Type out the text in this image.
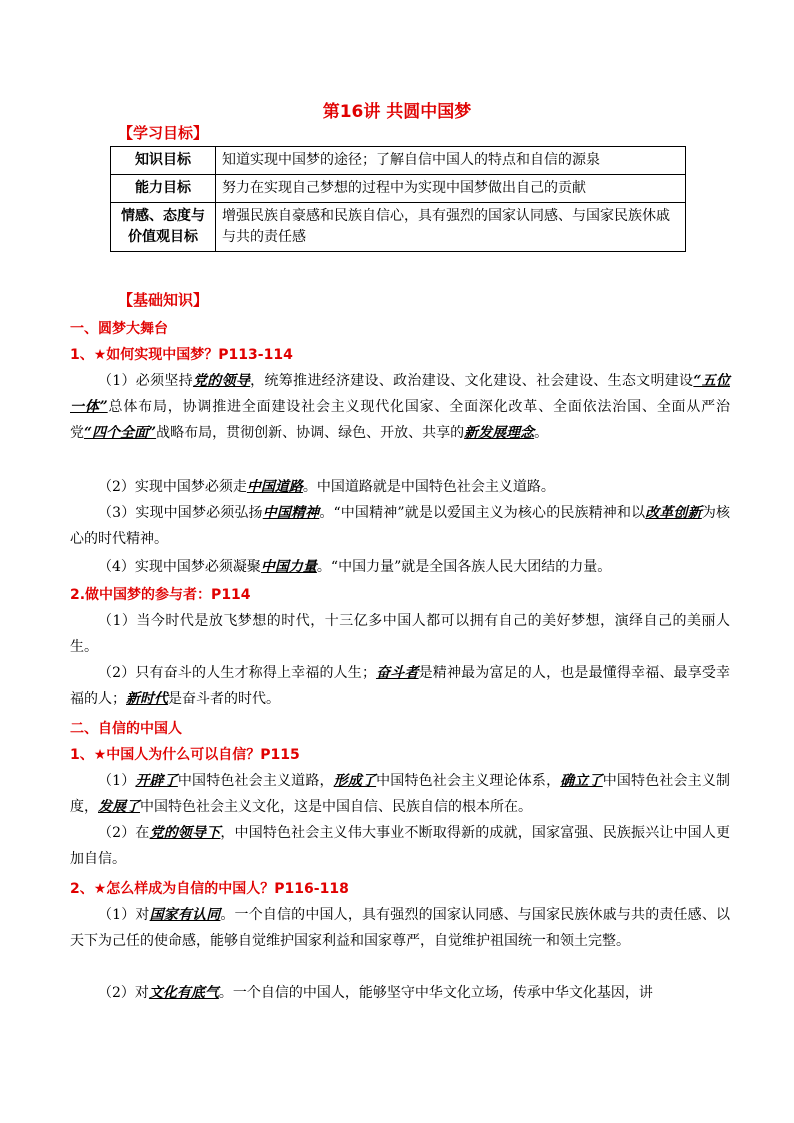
第16讲 共圆中国梦
【学习目标】
知识目标	知道实现中国梦的途径；了解自信中国人的特点和自信的源泉
能力目标	努力在实现自己梦想的过程中为实现中国梦做出自己的贡献

情感、态度与
价值观目标	增强民族自豪感和民族自信心，具有强烈的国家认同感、与国家民族休戚与共的责任感
【基础知识】
一、圆梦大舞台
1、★如何实现中国梦？P113-114
（1）必须坚持党的领导，统筹推进经济建设、政治建设、文化建设、社会建设、生态文明建设“五位一体”总体布局，协调推进全面建设社会主义现代化国家、全面深化改革、全面依法治国、全面从严治党“四个全面”战略布局，贯彻创新、协调、绿色、开放、共享的新发展理念。
（2）实现中国梦必须走中国道路。中国道路就是中国特色社会主义道路。
（3）实现中国梦必须弘扬中国精神。“中国精神”就是以爱国主义为核心的民族精神和以改革创新为核心的时代精神。
（4）实现中国梦必须凝聚中国力量。“中国力量”就是全国各族人民大团结的力量。
2.做中国梦的参与者：P114
（1）当今时代是放飞梦想的时代，十三亿多中国人都可以拥有自己的美好梦想，演绎自己的美丽人生。
（2）只有奋斗的人生才称得上幸福的人生；奋斗者是精神最为富足的人，也是最懂得幸福、最享受幸福的人；新时代是奋斗者的时代。
二、自信的中国人
1、★中国人为什么可以自信？P115
（1）开辟了中国特色社会主义道路，形成了中国特色社会主义理论体系，确立了中国特色社会主义制度，发展了中国特色社会主义文化，这是中国自信、民族自信的根本所在。
（2）在党的领导下，中国特色社会主义伟大事业不断取得新的成就，国家富强、民族振兴让中国人更加自信。
2、★怎么样成为自信的中国人？P116-118
（1）对国家有认同。一个自信的中国人，具有强烈的国家认同感、与国家民族休戚与共的责任感、以天下为己任的使命感，能够自觉维护国家利益和国家尊严，自觉维护祖国统一和领土完整。
（2）对文化有底气。一个自信的中国人，能够坚守中华文化立场，传承中华文化基因，讲
